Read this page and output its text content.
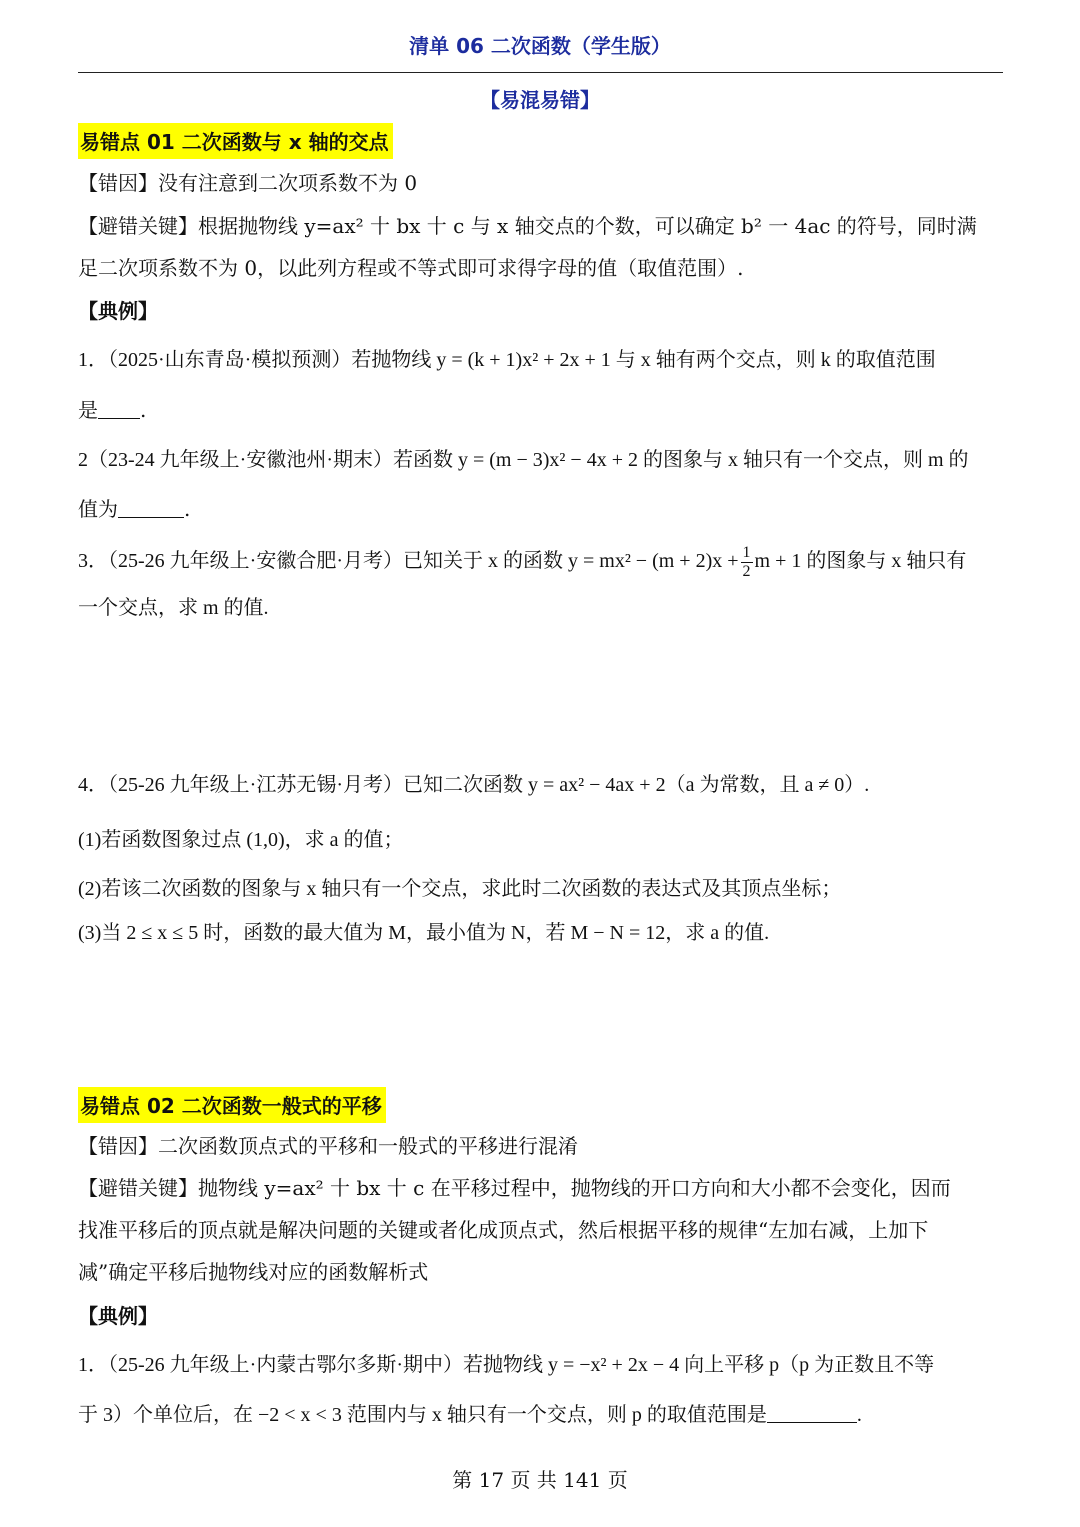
清单 06 二次函数（学生版）
【易混易错】
易错点 01 二次函数与 x 轴的交点
【错因】没有注意到二次项系数不为 0
【避错关键】根据抛物线 y=ax² 十 bx 十 c 与 x 轴交点的个数，可以确定 b² 一 4ac 的符号，同时满
足二次项系数不为 0，以此列方程或不等式即可求得字母的值（取值范围）.
【典例】
1．（2025·山东青岛·模拟预测）若抛物线 y = (k + 1)x² + 2x + 1 与 x 轴有两个交点，则 k 的取值范围
是 .
2（23-24 九年级上·安徽池州·期末）若函数 y = (m − 3)x² − 4x + 2 的图象与 x 轴只有一个交点，则 m 的
值为	.
3．（25-26 九年级上·安徽合肥·月考）已知关于 x 的函数 $y = mx^2 - (m + 2)x + \frac{1}{2}$ m + 1 的图象与 x 轴只有
一个交点，求 m 的值.
4．（25-26 九年级上·江苏无锡·月考）已知二次函数 y = ax² − 4ax + 2（a 为常数，且 a ≠ 0）.
(1)若函数图象过点 (1,0)，求 a 的值；
(2)若该二次函数的图象与 x 轴只有一个交点，求此时二次函数的表达式及其顶点坐标；
(3)当 2 ≤ x ≤ 5 时，函数的最大值为 M，最小值为 N，若 M − N = 12，求 a 的值.
易错点 02 二次函数一般式的平移
【错因】二次函数顶点式的平移和一般式的平移进行混淆
【避错关键】抛物线 y=ax² 十 bx 十 c 在平移过程中，抛物线的开口方向和大小都不会变化，因而
找准平移后的顶点就是解决问题的关键或者化成顶点式，然后根据平移的规律“左加右减，上加下
减”确定平移后抛物线对应的函数解析式
【典例】
1．（25-26 九年级上·内蒙古鄂尔多斯·期中）若抛物线 y = −x² + 2x − 4 向上平移 p（p 为正数且不等
于 3）个单位后，在 −2 < x < 3 范围内与 x 轴只有一个交点，则 p 的取值范围是	.
第 17 页 共 141 页
